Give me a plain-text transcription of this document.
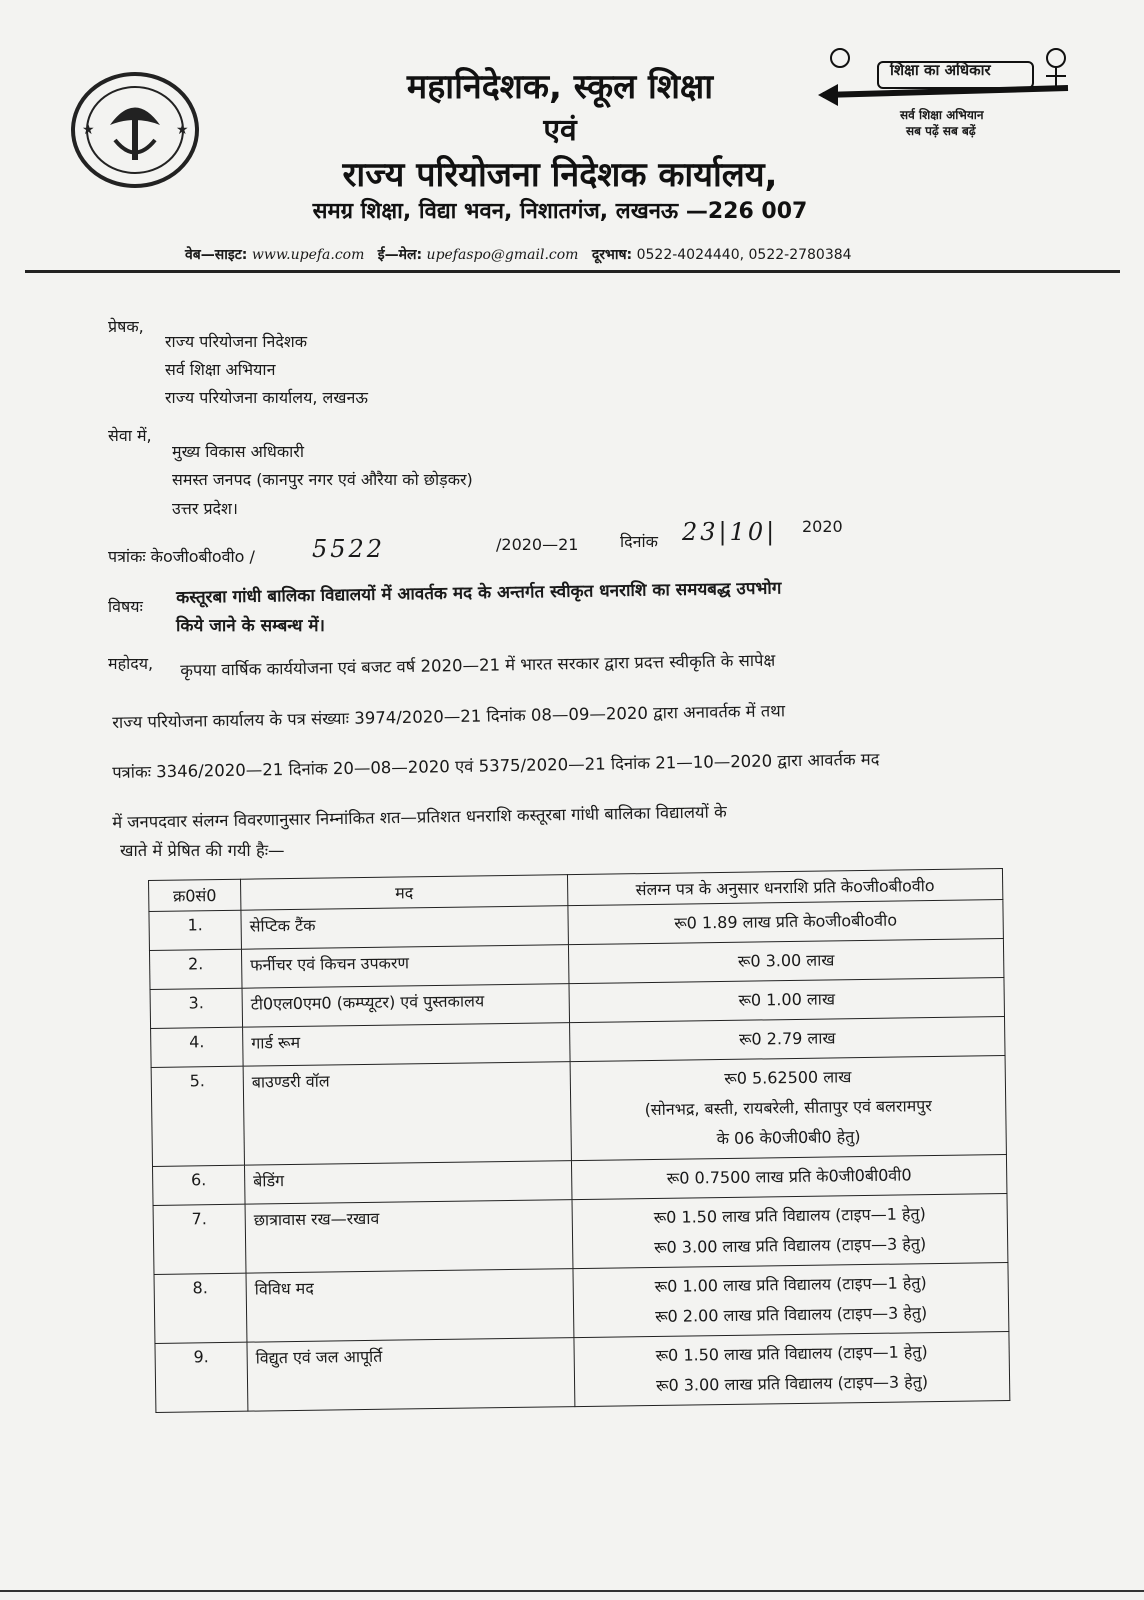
★	★
महानिदेशक, स्कूल शिक्षा
एवं
राज्य परियोजना निदेशक कार्यालय,
समग्र शिक्षा, विद्या भवन, निशातगंज, लखनऊ —226 007
शिक्षा का अधिकार
सर्व शिक्षा अभियान
सब पढ़ें सब बढ़ें
वेब—साइट: www.upefa.com ई—मेल: upefaspo@gmail.com दूरभाष: 0522-4024440, 0522-2780384
प्रेषक,
राज्य परियोजना निदेशक
सर्व शिक्षा अभियान
राज्य परियोजना कार्यालय, लखनऊ
सेवा में,
मुख्य विकास अधिकारी
समस्त जनपद (कानपुर नगर एवं औरैया को छोड़कर)
उत्तर प्रदेश।
पत्रांकः केoजीoबीoवीo / 5522	/2020—21	दिनांक 23|10| 2020
विषयः कस्तूरबा गांधी बालिका विद्यालयों में आवर्तक मद के अन्तर्गत स्वीकृत धनराशि का समयबद्ध उपभोग
किये जाने के सम्बन्ध में।
महोदय, कृपया वार्षिक कार्ययोजना एवं बजट वर्ष 2020—21 में भारत सरकार द्वारा प्रदत्त स्वीकृति के सापेक्ष
राज्य परियोजना कार्यालय के पत्र संख्याः 3974/2020—21 दिनांक 08—09—2020 द्वारा अनावर्तक में तथा
पत्रांकः 3346/2020—21 दिनांक 20—08—2020 एवं 5375/2020—21 दिनांक 21—10—2020 द्वारा आवर्तक मद
में जनपदवार संलग्न विवरणानुसार निम्नांकित शत—प्रतिशत धनराशि कस्तूरबा गांधी बालिका विद्यालयों के
खाते में प्रेषित की गयी हैः—
क्र0सं0	मद	संलग्न पत्र के अनुसार धनराशि प्रति केoजीoबीoवीo
1.	सेप्टिक टैंक	रू0 1.89 लाख प्रति केoजीoबीoवीo

2.	फर्नीचर एवं किचन उपकरण	रू0 3.00 लाख

3.	टी0एल0एम0 (कम्प्यूटर) एवं पुस्तकालय	रू0 1.00 लाख

4.	गार्ड रूम	रू0 2.79 लाख

5.	बाउण्डरी वॉल	रू0 5.62500 लाख
(सोनभद्र, बस्ती, रायबरेली, सीतापुर एवं बलरामपुर
के 06 के0जी0बी0 हेतु)

6.	बेडिंग	रू0 0.7500 लाख प्रति के0जी0बी0वी0

7.	छात्रावास रख—रखाव	रू0 1.50 लाख प्रति विद्यालय (टाइप—1 हेतु)
रू0 3.00 लाख प्रति विद्यालय (टाइप—3 हेतु)

8.	विविध मद	रू0 1.00 लाख प्रति विद्यालय (टाइप—1 हेतु)
रू0 2.00 लाख प्रति विद्यालय (टाइप—3 हेतु)

9.	विद्युत एवं जल आपूर्ति	रू0 1.50 लाख प्रति विद्यालय (टाइप—1 हेतु)
रू0 3.00 लाख प्रति विद्यालय (टाइप—3 हेतु)
